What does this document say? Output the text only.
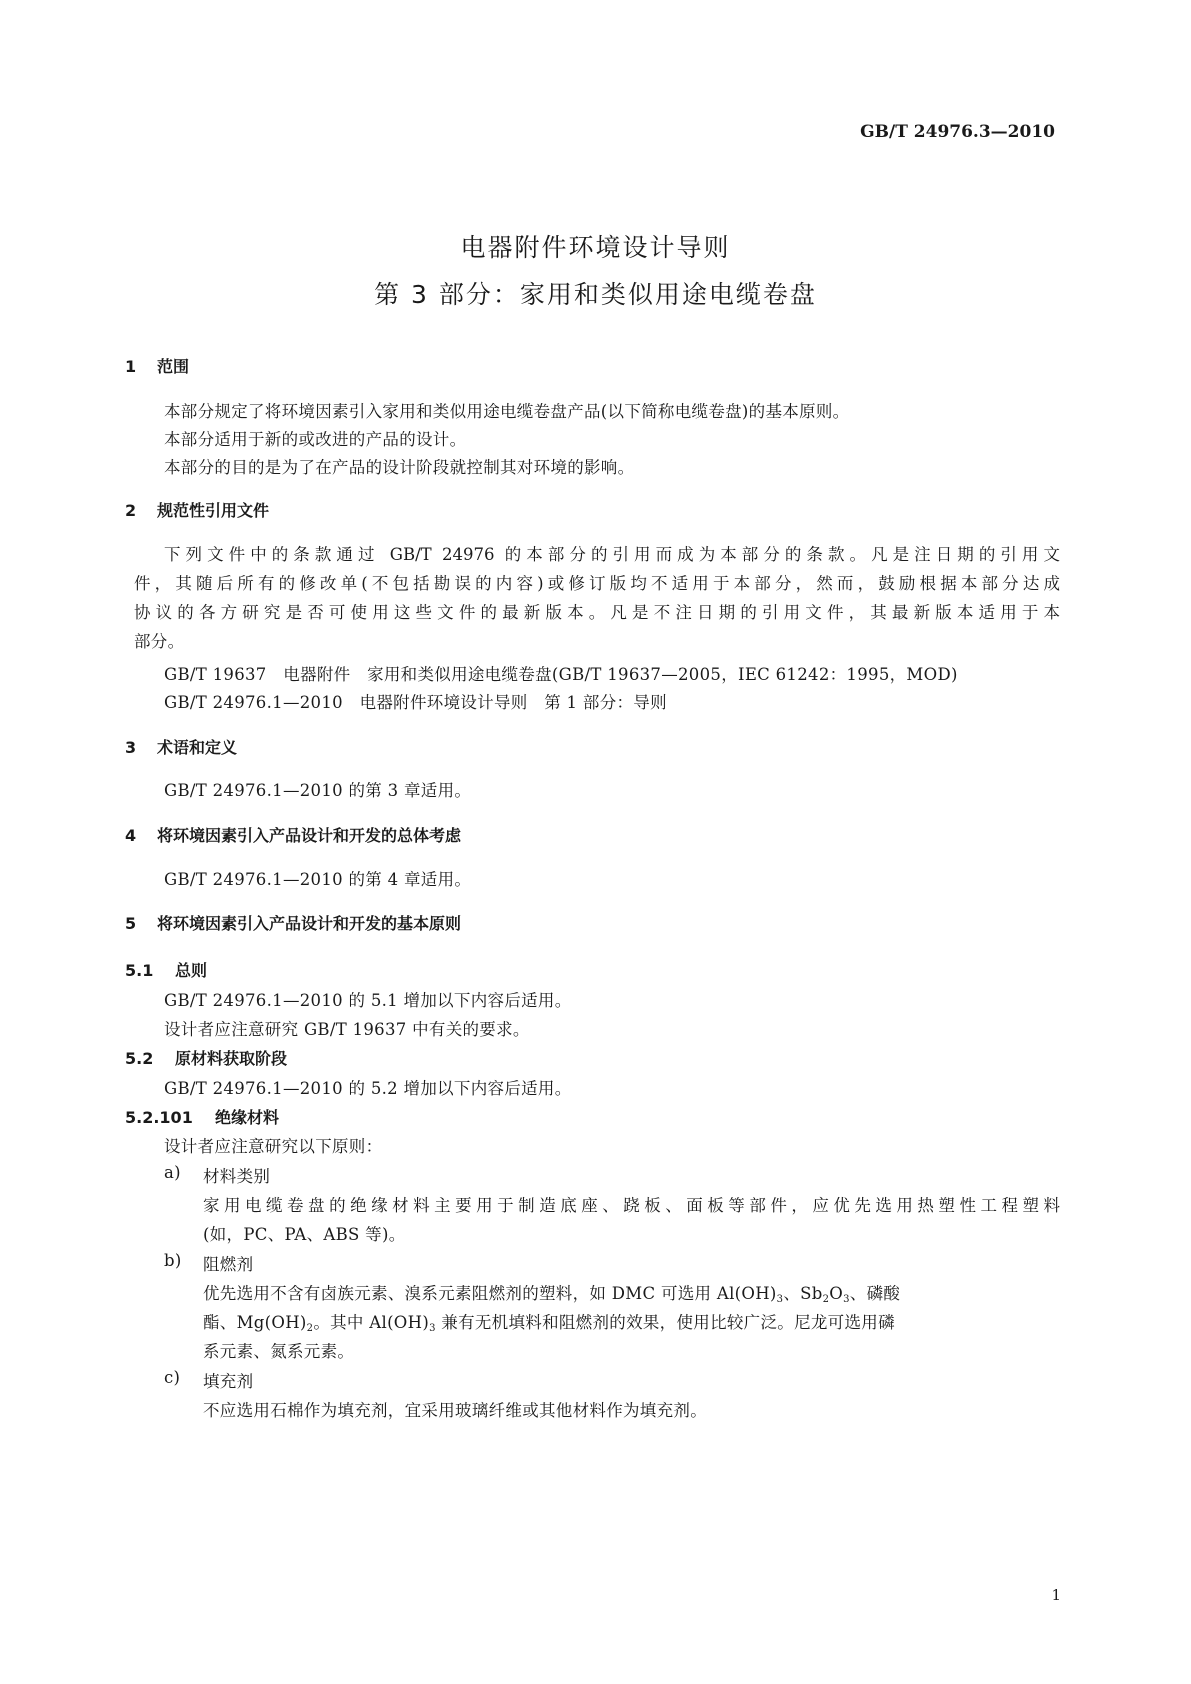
GB/T 24976.3—2010
电器附件环境设计导则
第 3 部分：家用和类似用途电缆卷盘
1 范围
本部分规定了将环境因素引入家用和类似用途电缆卷盘产品(以下简称电缆卷盘)的基本原则。
本部分适用于新的或改进的产品的设计。
本部分的目的是为了在产品的设计阶段就控制其对环境的影响。
2 规范性引用文件
下列文件中的条款通过 GB/T 24976 的本部分的引用而成为本部分的条款。凡是注日期的引用文
件，其随后所有的修改单(不包括勘误的内容)或修订版均不适用于本部分，然而，鼓励根据本部分达成
协议的各方研究是否可使用这些文件的最新版本。凡是不注日期的引用文件，其最新版本适用于本
部分。
GB/T 19637   电器附件   家用和类似用途电缆卷盘(GB/T 19637—2005，IEC 61242：1995，MOD)
GB/T 24976.1—2010   电器附件环境设计导则   第 1 部分：导则
3 术语和定义
GB/T 24976.1—2010 的第 3 章适用。
4 将环境因素引入产品设计和开发的总体考虑
GB/T 24976.1—2010 的第 4 章适用。
5 将环境因素引入产品设计和开发的基本原则
5.1 总则
GB/T 24976.1—2010 的 5.1 增加以下内容后适用。
设计者应注意研究 GB/T 19637 中有关的要求。
5.2 原材料获取阶段
GB/T 24976.1—2010 的 5.2 增加以下内容后适用。
5.2.101 绝缘材料
设计者应注意研究以下原则：
a) 材料类别
家用电缆卷盘的绝缘材料主要用于制造底座、跷板、面板等部件，应优先选用热塑性工程塑料
(如，PC、PA、ABS 等)。
b) 阻燃剂
优先选用不含有卤族元素、溴系元素阻燃剂的塑料，如 DMC 可选用 $Al(OH)_3$、$Sb_2O_3$、磷酸
酯、$Mg(OH)_2$。其中 $Al(OH)_3$ 兼有无机填料和阻燃剂的效果，使用比较广泛。尼龙可选用磷
系元素、氮系元素。
c) 填充剂
不应选用石棉作为填充剂，宜采用玻璃纤维或其他材料作为填充剂。
1
